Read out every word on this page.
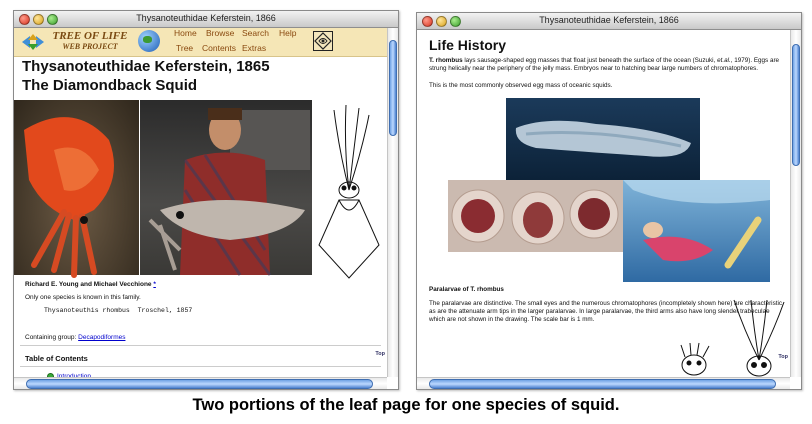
Thysanoteuthidae Keferstein, 1866
TREE OF LIFE
WEB PROJECT
Home Browse Search Help
Tree Contents Extras
Thysanoteuthidae Keferstein, 1865
The Diamondback Squid
Richard E. Young and Michael Vecchione *
Only one species is known in this family.
Thysanoteuthis rhombus Troschel, 1857
Containing group: Decapodiformes
Table of Contents	Top
Thysanoteuthidae Keferstein, 1866
Life History
T. rhombus lays sausage-shaped egg masses that float just beneath the surface of the ocean (Suzuki, et.al., 1979). Eggs are strung helically near the periphery of the jelly mass. Embryos near to hatching bear large numbers of chromatophores.
This is the most commonly observed egg mass of oceanic squids.
Paralarvae of T. rhombus
The paralarvae are distinctive. The small eyes and the numerous chromatophores (incompletely shown here) are characteristic as are the attenuate arm tips in the larger paralarvae. In large paralarvae, the third arms also have long slender trabeculae which are not shown in the drawing. The scale bar is 1 mm.
Top
Two portions of the leaf page for one species of squid.
